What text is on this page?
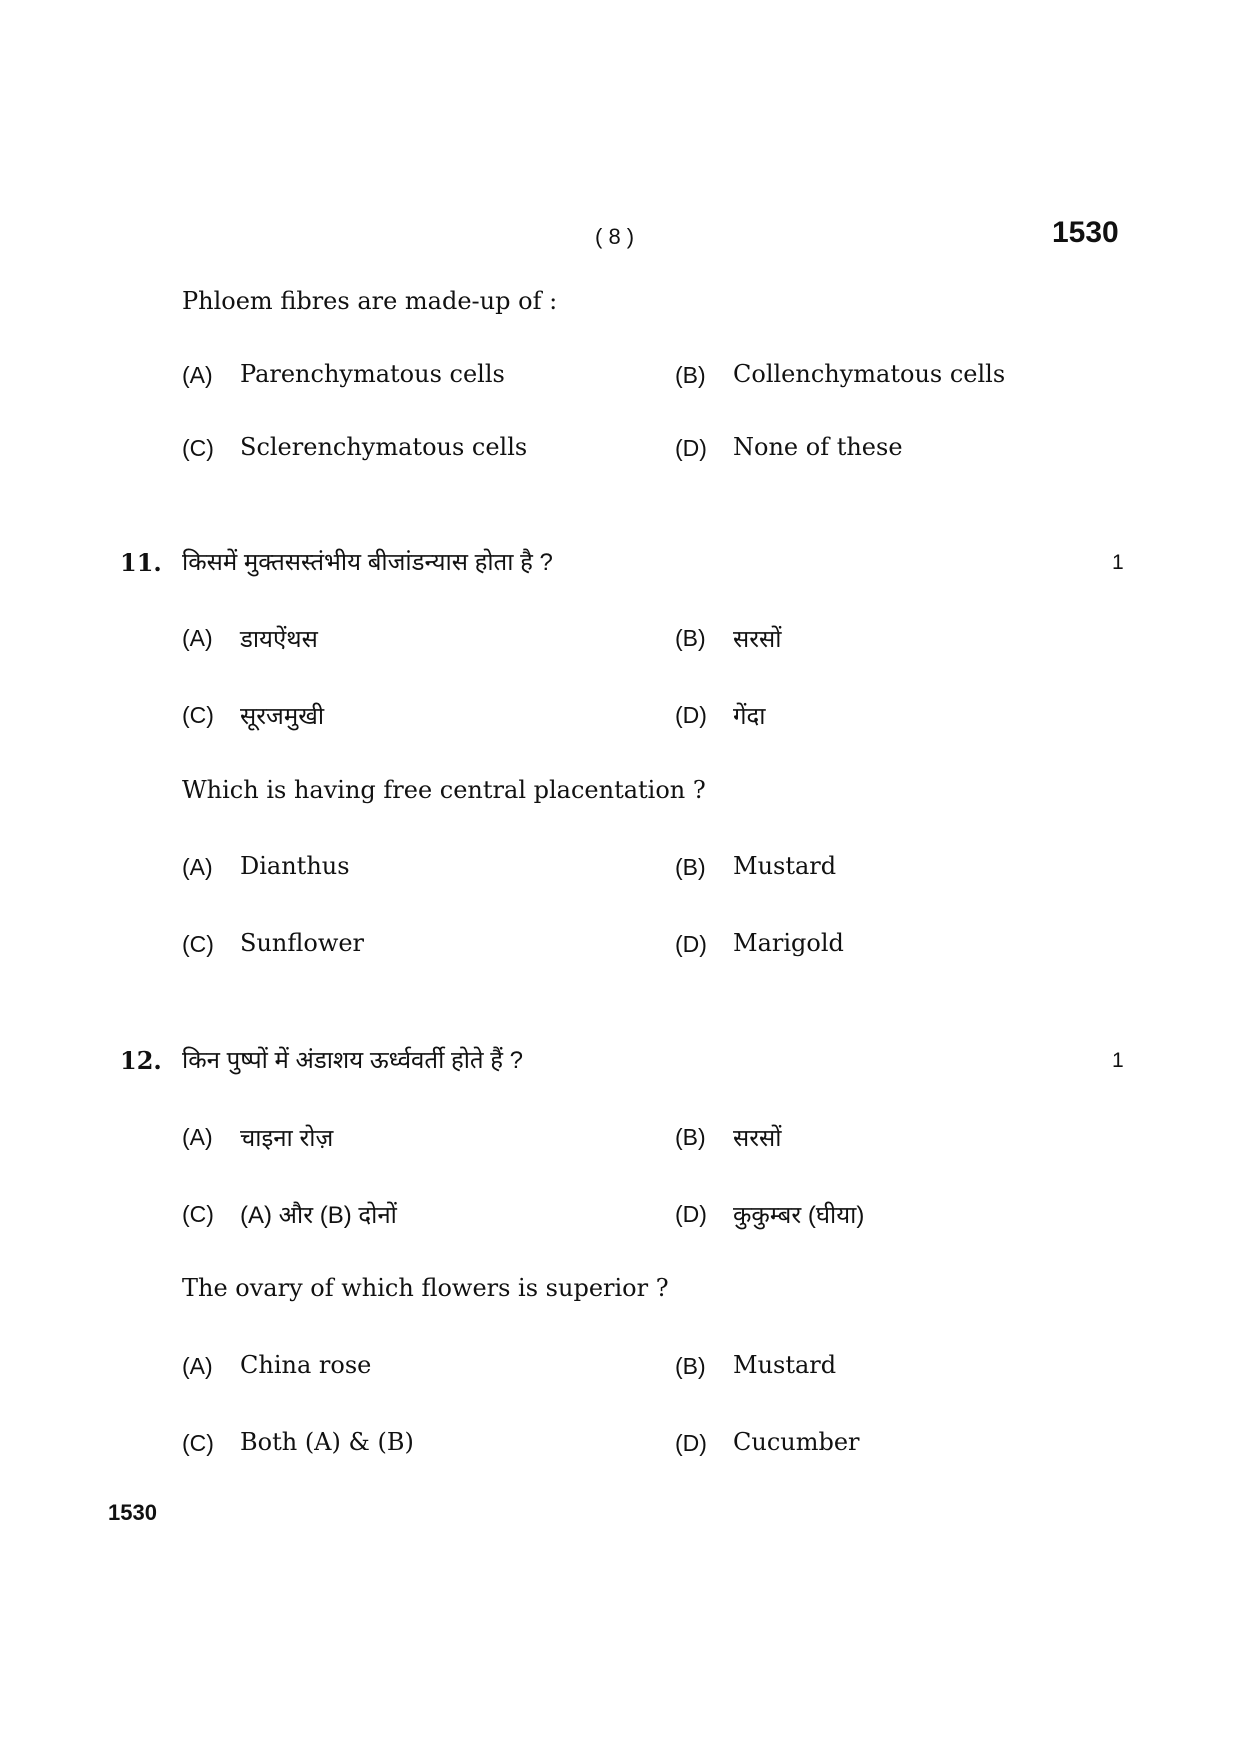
( 8 )	1530
Phloem fibres are made-up of :
(A) Parenchymatous cells	(B) Collenchymatous cells
(C) Sclerenchymatous cells	(D) None of these
11. किसमें मुक्तसस्तंभीय बीजांडन्यास होता है ?	1
(A) डायऐंथस	(B) सरसों
(C) सूरजमुखी	(D) गेंदा
Which is having free central placentation ?
(A) Dianthus	(B) Mustard
(C) Sunflower	(D) Marigold
12. किन पुष्पों में अंडाशय ऊर्ध्ववर्ती होते हैं ?	1
(A) चाइना रोज़	(B) सरसों
(C) (A) और (B) दोनों	(D) कुकुम्बर (घीया)
The ovary of which flowers is superior ?
(A) China rose	(B) Mustard
(C) Both (A) & (B)	(D) Cucumber
1530
